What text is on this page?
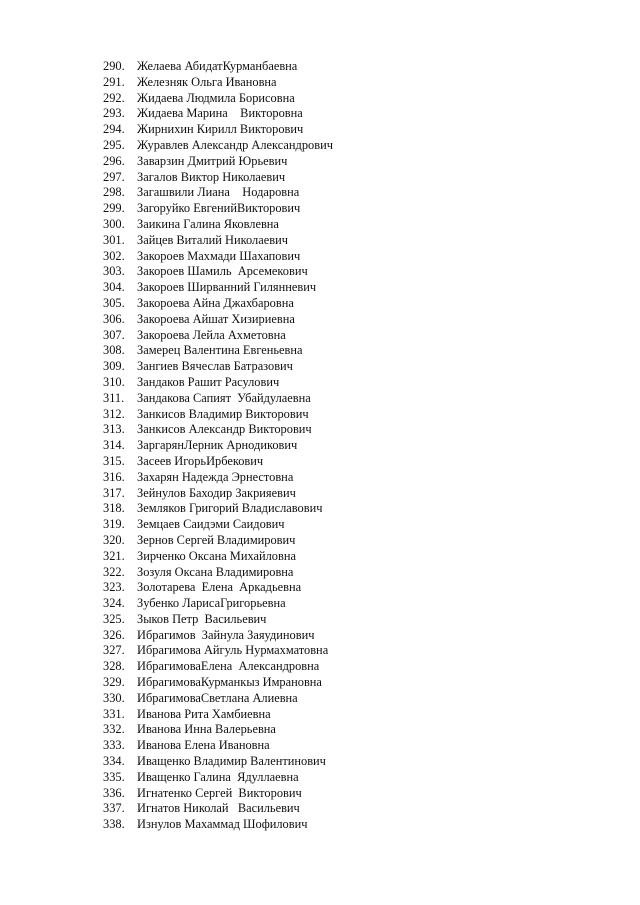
290. Желаева АбидатКурманбаевна
291. Железняк Ольга Ивановна
292. Жидаева Людмила Борисовна
293. Жидаева Марина    Викторовна
294. Жирнихин Кирилл Викторович
295. Журавлев Александр Александрович
296. Заварзин Дмитрий Юрьевич
297. Загалов Виктор Николаевич
298. Загашвили Лиана    Нодаровна
299. Загоруйко ЕвгенийВикторович
300. Заикина Галина Яковлевна
301. Зайцев Виталий Николаевич
302. Закороев Махмади Шахапович
303. Закороев Шамиль  Арсемекович
304. Закороев Ширванний Гилянневич
305. Закороева Айна Джахбаровна
306. Закороева Айшат Хизириевна
307. Закороева Лейла Ахметовна
308. Замерец Валентина Евгеньевна
309. Зангиев Вячеслав Батразович
310. Зандаков Рашит Расулович
311.	Зандакова Сапият  Убайдулаевна
312. Занкисов Владимир Викторович
313. Занкисов Александр Викторович
314. ЗаргарянЛерник Арнодикович
315. Засеев ИгорьИрбекович
316. Захарян Надежда Эрнестовна
317. Зейнулов Баходир Закрияевич
318. Земляков Григорий Владиславович
319. Земцаев Саидэми Саидович
320. Зернов Сергей Владимирович
321. Зирченко Оксана Михайловна
322. Зозуля Оксана Владимировна
323. Золотарева  Елена  Аркадьевна
324. Зубенко ЛарисаГригорьевна
325. Зыков Петр  Васильевич
326. Ибрагимов  Зайнула Заяудинович
327. Ибрагимова Айгуль Нурмахматовна
328. ИбрагимоваЕлена  Александровна
329. ИбрагимоваКурманкыз Имрановна
330. ИбрагимоваСветлана Алиевна
331. Иванова Рита Хамбиевна
332. Иванова Инна Валерьевна
333. Иванова Елена Ивановна
334. Иващенко Владимир Валентинович
335. Иващенко Галина  Ядуллаевна
336. Игнатенко Сергей  Викторович
337. Игнатов Николай   Васильевич
338. Изнулов Махаммад Шофилович
